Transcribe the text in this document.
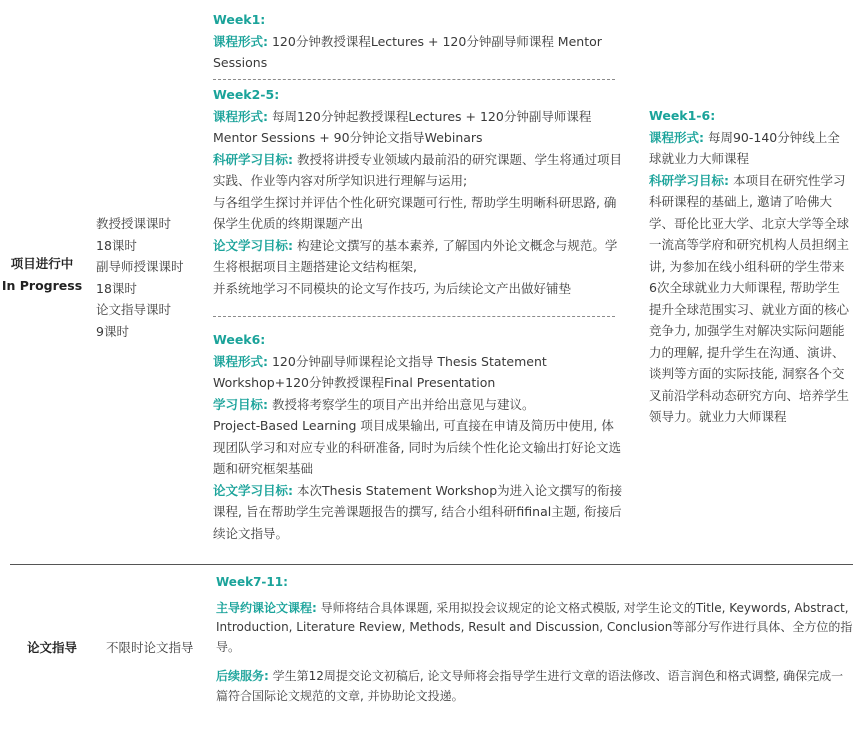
项目进行中
In Progress
教授授课课时
18课时
副导师授课课时
18课时
论文指导课时
9课时

Week1:

课程形式: 120分钟教授课程Lectures + 120分钟副导师课程 Mentor Sessions

Week2-5:

课程形式: 每周120分钟起教授课程Lectures + 120分钟副导师课程 Mentor Sessions + 90分钟论文指导Webinars

科研学习目标: 教授将讲授专业领域内最前沿的研究课题、学生将通过项目实践、作业等内容对所学知识进行理解与运用;

与各组学生探讨并评估个性化研究课题可行性, 帮助学生明晰科研思路, 确保学生优质的终期课题产出

论文学习目标: 构建论文撰写的基本素养, 了解国内外论文概念与规范。学生将根据项目主题搭建论文结构框架,

并系统地学习不同模块的论文写作技巧, 为后续论文产出做好铺垫

Week6:

课程形式: 120分钟副导师课程论文指导 Thesis Statement Workshop+120分钟教授课程Final Presentation

学习目标: 教授将考察学生的项目产出并给出意见与建议。

Project-Based Learning 项目成果输出, 可直接在申请及简历中使用, 体现团队学习和对应专业的科研准备, 同时为后续个性化论文输出打好论文选题和研究框架基础

论文学习目标: 本次Thesis Statement Workshop为进入论文撰写的衔接课程, 旨在帮助学生完善课题报告的撰写, 结合小组科研fifinal主题, 衔接后续论文指导。

Week1-6:

课程形式: 每周90-140分钟线上全球就业力大师课程

科研学习目标: 本项目在研究性学习科研课程的基础上, 邀请了哈佛大学、哥伦比亚大学、北京大学等全球一流高等学府和研究机构人员担纲主讲, 为参加在线小组科研的学生带来6次全球就业力大师课程, 帮助学生提升全球范围实习、就业方面的核心竞争力, 加强学生对解决实际问题能力的理解, 提升学生在沟通、演讲、谈判等方面的实际技能, 洞察各个交叉前沿学科动态研究方向、培养学生领导力。就业力大师课程

论文指导	不限时论文指导

Week7-11:

主导约课论文课程: 导师将结合具体课题, 采用拟投会议规定的论文格式模版, 对学生论文的Title, Keywords, Abstract, Introduction, Literature Review, Methods, Result and Discussion, Conclusion等部分写作进行具体、全方位的指导。

后续服务: 学生第12周提交论文初稿后, 论文导师将会指导学生进行文章的语法修改、语言润色和格式调整, 确保完成一篇符合国际论文规范的文章, 并协助论文投递。
